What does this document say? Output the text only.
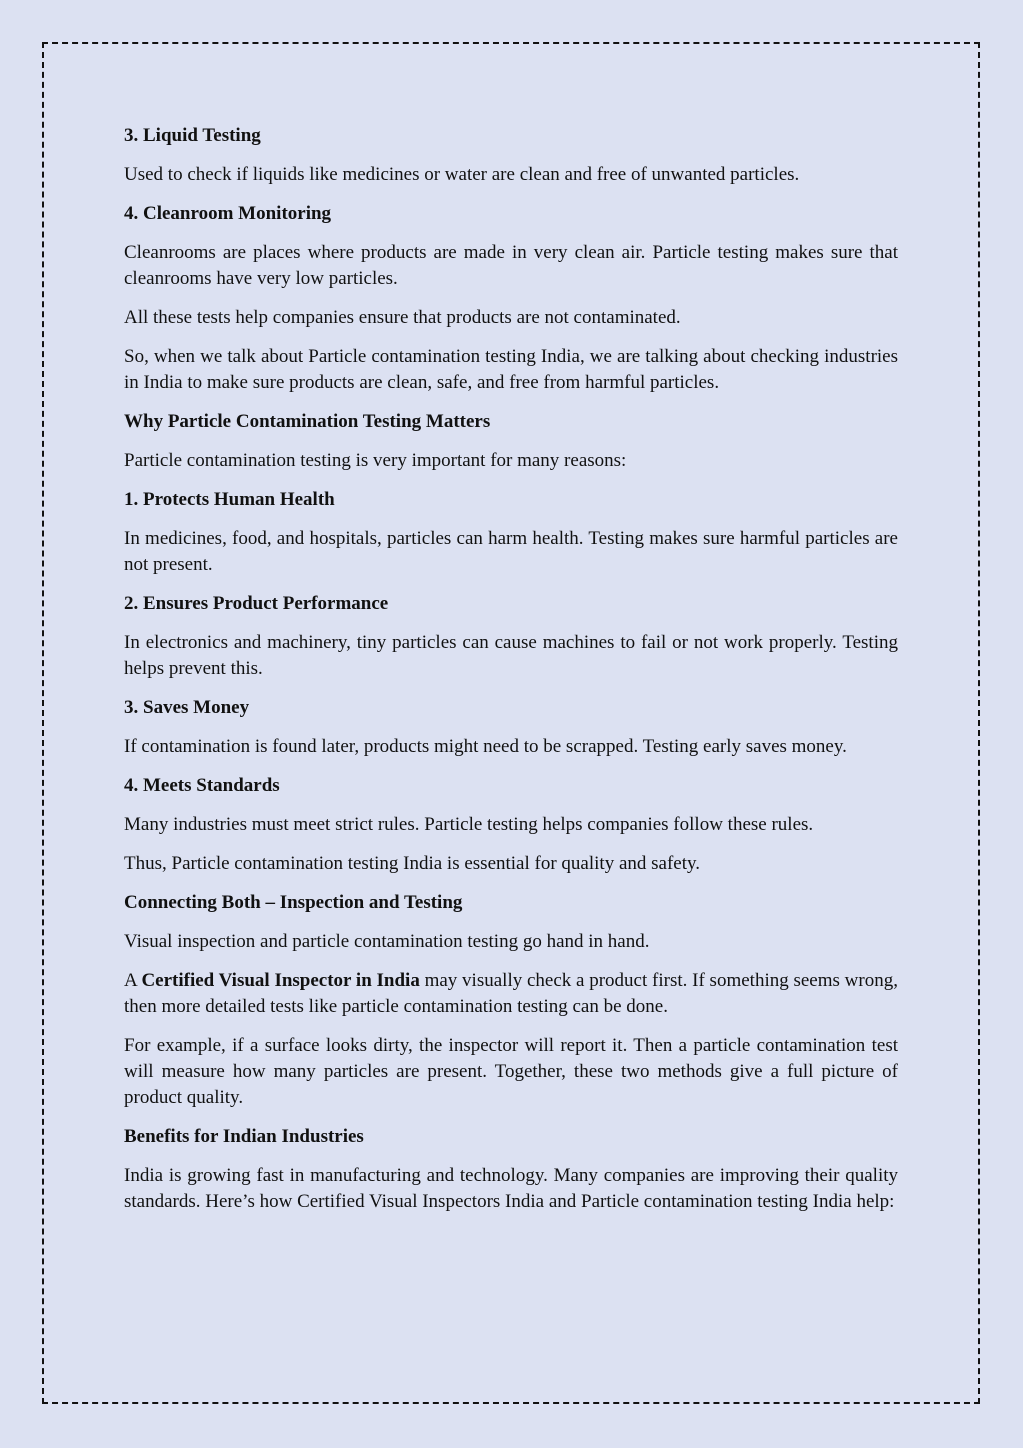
3. Liquid Testing

Used to check if liquids like medicines or water are clean and free of unwanted particles.

4. Cleanroom Monitoring

Cleanrooms are places where products are made in very clean air. Particle testing makes sure that cleanrooms have very low particles.

All these tests help companies ensure that products are not contaminated.

So, when we talk about Particle contamination testing India, we are talking about checking industries in India to make sure products are clean, safe, and free from harmful particles.

Why Particle Contamination Testing Matters

Particle contamination testing is very important for many reasons:

1. Protects Human Health

In medicines, food, and hospitals, particles can harm health. Testing makes sure harmful particles are not present.

2. Ensures Product Performance

In electronics and machinery, tiny particles can cause machines to fail or not work properly. Testing helps prevent this.

3. Saves Money

If contamination is found later, products might need to be scrapped. Testing early saves money.

4. Meets Standards

Many industries must meet strict rules. Particle testing helps companies follow these rules.

Thus, Particle contamination testing India is essential for quality and safety.

Connecting Both – Inspection and Testing

Visual inspection and particle contamination testing go hand in hand.

A Certified Visual Inspector in India may visually check a product first. If something seems wrong, then more detailed tests like particle contamination testing can be done.

For example, if a surface looks dirty, the inspector will report it. Then a particle contamination test will measure how many particles are present. Together, these two methods give a full picture of product quality.

Benefits for Indian Industries

India is growing fast in manufacturing and technology. Many companies are improving their quality standards. Here’s how Certified Visual Inspectors India and Particle contamination testing India help:
